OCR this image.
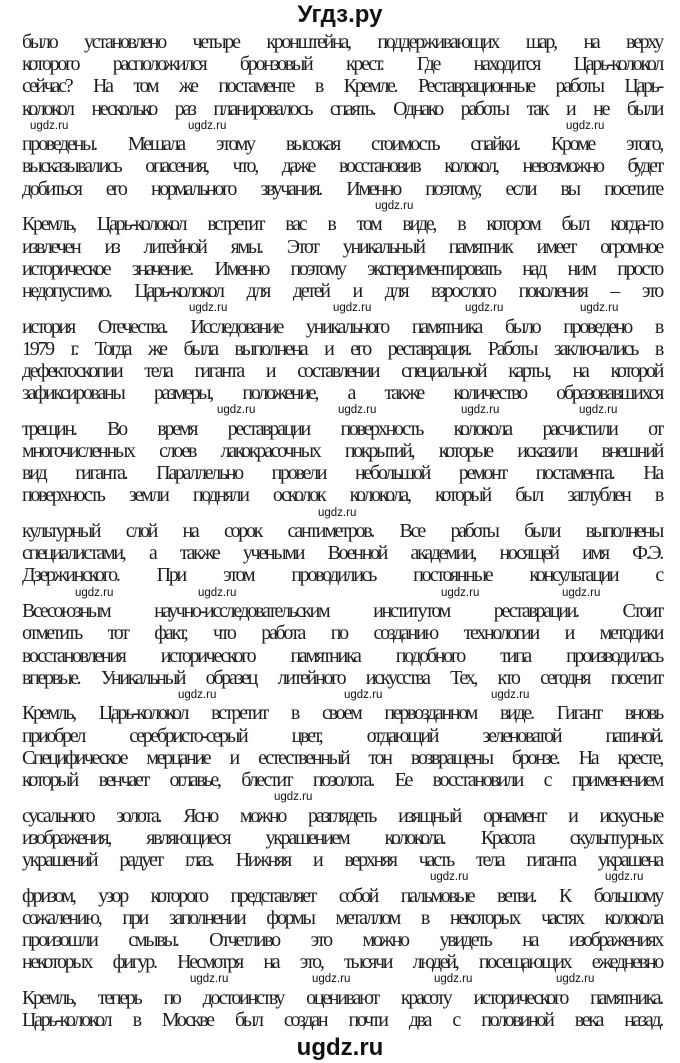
Угдз.ру
было установлено четыре кронштейна, поддерживающих шар, на верху
которого расположился бронзовый крест. Где находится Царь-колокол
сейчас? На том же постаменте в Кремле. Реставрационные работы Царь-
колокол несколько раз планировалось спаять. Однако работы так и не были
ugdz.ru	ugdz.ru	ugdz.ru
проведены. Мешала этому высокая стоимость спайки. Кроме этого,
высказывались опасения, что, даже восстановив колокол, невозможно будет
добиться его нормального звучания. Именно поэтому, если вы посетите
ugdz.ru
Кремль, Царь-колокол встретит вас в том виде, в котором был когда-то
извлечен из литейной ямы. Этот уникальный памятник имеет огромное
историческое значение. Именно поэтому экспериментировать над ним просто
недопустимо. Царь-колокол для детей и для взрослого поколения – это
ugdz.ru	ugdz.ru	ugdz.ru	ugdz.ru
история Отечества. Исследование уникального памятника было проведено в
1979 г. Тогда же была выполнена и его реставрация. Работы заключались в
дефектоскопии тела гиганта и составлении специальной карты, на которой
зафиксированы размеры, положение, а также количество образовавшихся
ugdz.ru	ugdz.ru	ugdz.ru	ugdz.ru
трещин. Во время реставрации поверхность колокола расчистили от
многочисленных слоев лакокрасочных покрытий, которые исказили внешний
вид гиганта. Параллельно провели небольшой ремонт постамента. На
поверхность земли подняли осколок колокола, который был заглублен в
ugdz.ru
культурный слой на сорок сантиметров. Все работы были выполнены
специалистами, а также учеными Военной академии, носящей имя Ф.Э.
Дзержинского. При этом проводились постоянные консультации с
ugdz.ru	ugdz.ru	ugdz.ru	ugdz.ru
Всесоюзным научно-исследовательским институтом реставрации. Стоит
отметить тот факт, что работа по созданию технологии и методики
восстановления исторического памятника подобного типа производилась
впервые. Уникальный образец литейного искусства Тех, кто сегодня посетит
ugdz.ru	ugdz.ru	ugdz.ru
Кремль, Царь-колокол встретит в своем первозданном виде. Гигант вновь
приобрел серебристо-серый цвет, отдающий зеленоватой патиной.
Специфическое мерцание и естественный тон возвращены бронзе. На кресте,
который венчает оглавье, блестит позолота. Ее восстановили с применением
ugdz.ru
сусального золота. Ясно можно разглядеть изящный орнамент и искусные
изображения, являющиеся украшением колокола. Красота скульптурных
украшений радует глаз. Нижняя и верхняя часть тела гиганта украшена
ugdz.ru	ugdz.ru
фризом, узор которого представляет собой пальмовые ветви. К большому
сожалению, при заполнении формы металлом в некоторых частях колокола
произошли смывы. Отчетливо это можно увидеть на изображениях
некоторых фигур. Несмотря на это, тысячи людей, посещающих ежедневно
ugdz.ru	ugdz.ru	ugdz.ru	ugdz.ru
Кремль, теперь по достоинству оценивают красоту исторического памятника.
Царь-колокол в Москве был создан почти два с половиной века назад.
ugdz.ru
